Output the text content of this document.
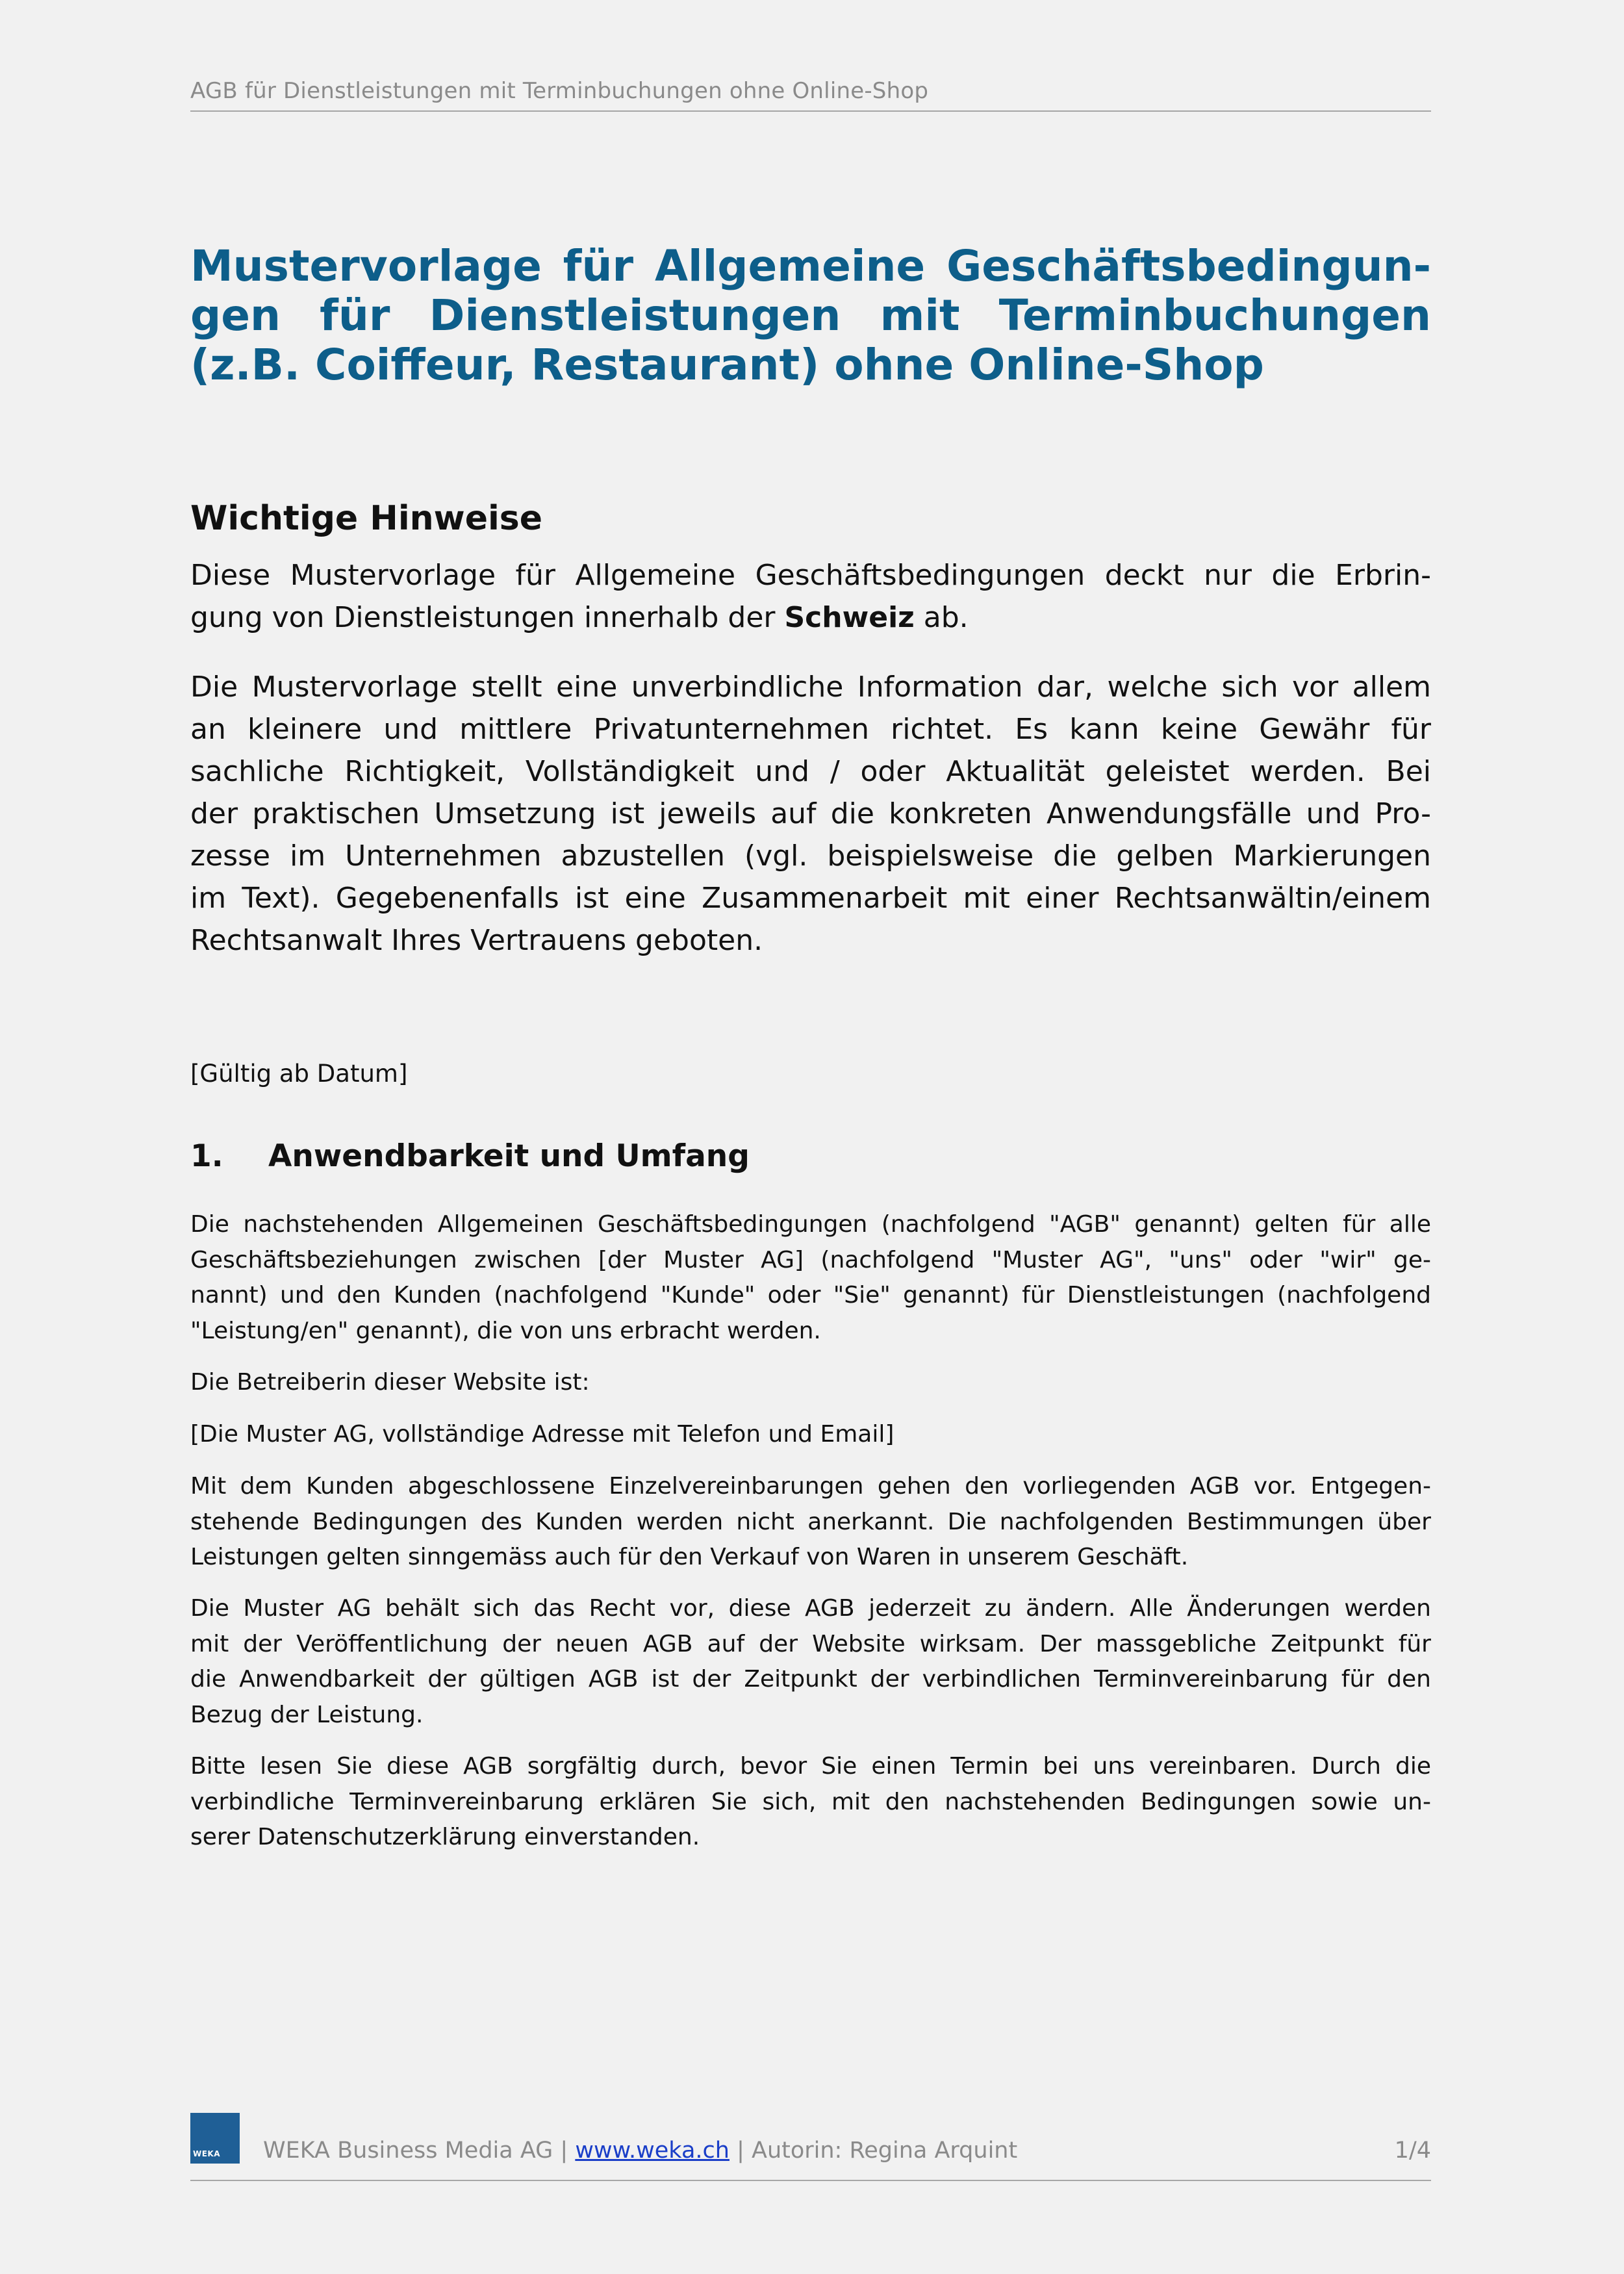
AGB für Dienstleistungen mit Terminbuchungen ohne Online-Shop
Mustervorlage für Allgemeine Geschäftsbedingun-
gen für Dienstleistungen mit Terminbuchungen
(z.B. Coiffeur, Restaurant) ohne Online-Shop
Wichtige Hinweise

Diese Mustervorlage für Allgemeine Geschäftsbedingungen deckt nur die Erbrin-
gung von Dienstleistungen innerhalb der Schweiz ab.

Die Mustervorlage stellt eine unverbindliche Information dar, welche sich vor allem
an kleinere und mittlere Privatunternehmen richtet. Es kann keine Gewähr für
sachliche Richtigkeit, Vollständigkeit und / oder Aktualität geleistet werden. Bei
der praktischen Umsetzung ist jeweils auf die konkreten Anwendungsfälle und Pro-
zesse im Unternehmen abzustellen (vgl. beispielsweise die gelben Markierungen
im Text). Gegebenenfalls ist eine Zusammenarbeit mit einer Rechtsanwältin/einem
Rechtsanwalt Ihres Vertrauens geboten.

[Gültig ab Datum]

1. Anwendbarkeit und Umfang

Die nachstehenden Allgemeinen Geschäftsbedingungen (nachfolgend "AGB" genannt) gelten für alle
Geschäftsbeziehungen zwischen [der Muster AG] (nachfolgend "Muster AG", "uns" oder "wir" ge-
nannt) und den Kunden (nachfolgend "Kunde" oder "Sie" genannt) für Dienstleistungen (nachfolgend
"Leistung/en" genannt), die von uns erbracht werden.

Die Betreiberin dieser Website ist:

[Die Muster AG, vollständige Adresse mit Telefon und Email]

Mit dem Kunden abgeschlossene Einzelvereinbarungen gehen den vorliegenden AGB vor. Entgegen-
stehende Bedingungen des Kunden werden nicht anerkannt. Die nachfolgenden Bestimmungen über
Leistungen gelten sinngemäss auch für den Verkauf von Waren in unserem Geschäft.

Die Muster AG behält sich das Recht vor, diese AGB jederzeit zu ändern. Alle Änderungen werden
mit der Veröffentlichung der neuen AGB auf der Website wirksam. Der massgebliche Zeitpunkt für
die Anwendbarkeit der gültigen AGB ist der Zeitpunkt der verbindlichen Terminvereinbarung für den
Bezug der Leistung.

Bitte lesen Sie diese AGB sorgfältig durch, bevor Sie einen Termin bei uns vereinbaren. Durch die
verbindliche Terminvereinbarung erklären Sie sich, mit den nachstehenden Bedingungen sowie un-
serer Datenschutzerklärung einverstanden.

WEKA WEKA Business Media AG | www.weka.ch | Autorin: Regina Arquint	1/4
